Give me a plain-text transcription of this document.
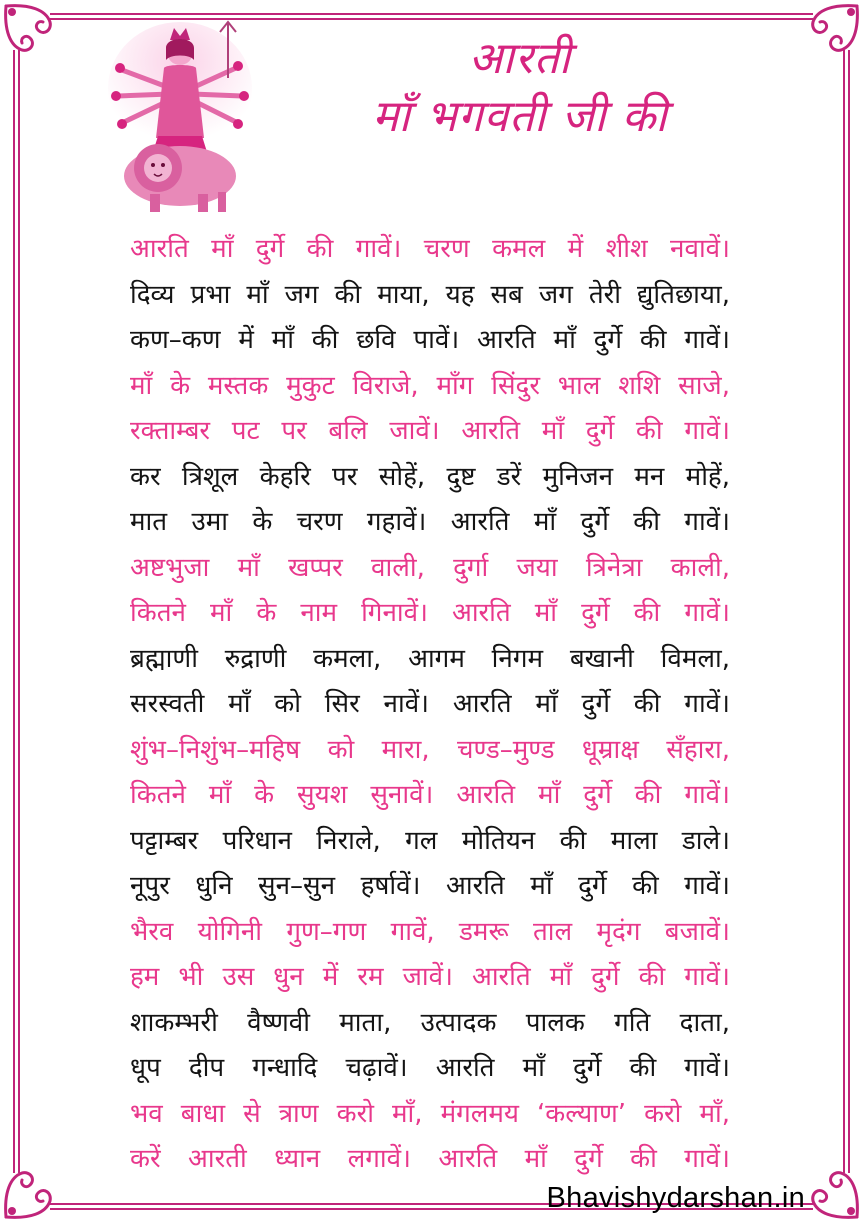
आरती
माँ भगवती जी की
आरति माँ दुर्गे की गावें। चरण कमल में शीश नवावें।
दिव्य प्रभा माँ जग की माया, यह सब जग तेरी द्युतिछाया,
कण–कण में माँ की छवि पावें। आरति माँ दुर्गे की गावें।
माँ के मस्तक मुकुट विराजे, माँग सिंदुर भाल शशि साजे,
रक्ताम्बर पट पर बलि जावें। आरति माँ दुर्गे की गावें।
कर त्रिशूल केहरि पर सोहें, दुष्ट डरें मुनिजन मन मोहें,
मात उमा के चरण गहावें। आरति माँ दुर्गे की गावें।
अष्टभुजा माँ खप्पर वाली, दुर्गा जया त्रिनेत्रा काली,
कितने माँ के नाम गिनावें। आरति माँ दुर्गे की गावें।
ब्रह्माणी रुद्राणी कमला, आगम निगम बखानी विमला,
सरस्वती माँ को सिर नावें। आरति माँ दुर्गे की गावें।
शुंभ–निशुंभ–महिष को मारा, चण्ड–मुण्ड धूम्राक्ष सँहारा,
कितने माँ के सुयश सुनावें। आरति माँ दुर्गे की गावें।
पट्टाम्बर परिधान निराले, गल मोतियन की माला डाले।
नूपुर धुनि सुन–सुन हर्षावें। आरति माँ दुर्गे की गावें।
भैरव योगिनी गुण–गण गावें, डमरू ताल मृदंग बजावें।
हम भी उस धुन में रम जावें। आरति माँ दुर्गे की गावें।
शाकम्भरी वैष्णवी माता, उत्पादक पालक गति दाता,
धूप दीप गन्धादि चढ़ावें। आरति माँ दुर्गे की गावें।
भव बाधा से त्राण करो माँ, मंगलमय ‘कल्याण’ करो माँ,
करें आरती ध्यान लगावें। आरति माँ दुर्गे की गावें।
Bhavishydarshan.in
